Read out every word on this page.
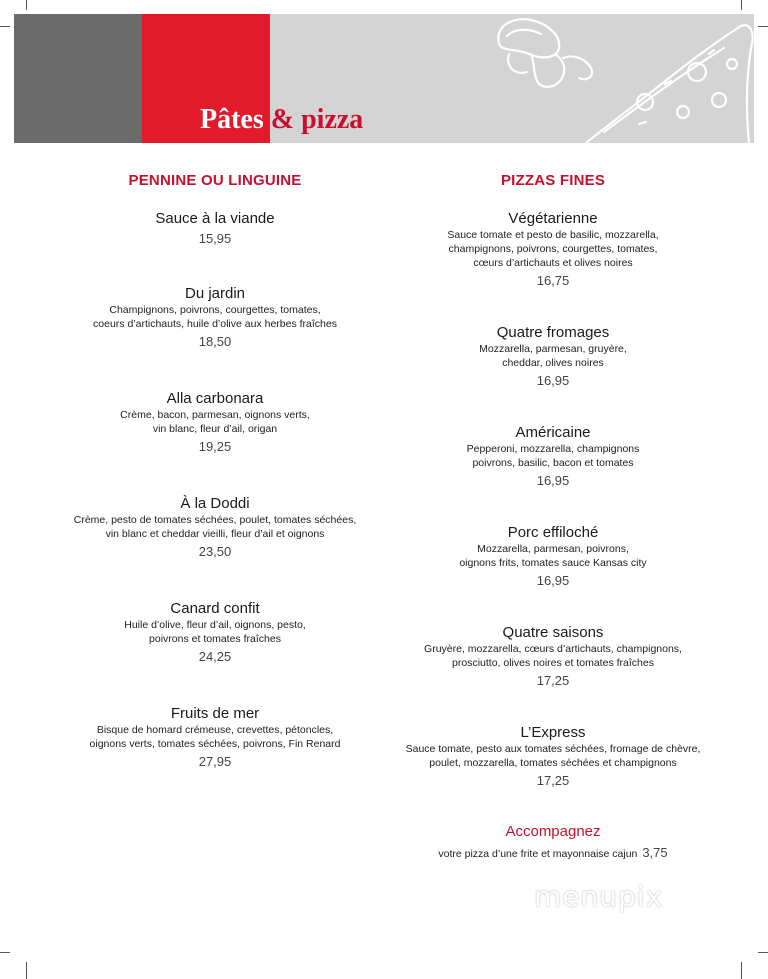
Pâtes & pizza
PENNINE OU LINGUINE
Sauce à la viande
15,95
Du jardin
Champignons, poivrons, courgettes, tomates,
coeurs d’artichauts, huile d’olive aux herbes fraîches
18,50
Alla carbonara
Crème, bacon, parmesan, oignons verts,
vin blanc, fleur d’ail, origan
19,25
À la Doddi
Crème, pesto de tomates séchées, poulet, tomates séchées,
vin blanc et cheddar vieilli, fleur d’ail et oignons
23,50
Canard confit
Huile d’olive, fleur d’ail, oignons, pesto,
poivrons et tomates fraîches
24,25
Fruits de mer
Bisque de homard crémeuse, crevettes, pétoncles,
oignons verts, tomates séchées, poivrons, Fin Renard
27,95
PIZZAS FINES
Végétarienne
Sauce tomate et pesto de basilic, mozzarella,
champignons, poivrons, courgettes, tomates,
cœurs d’artichauts et olives noires
16,75
Quatre fromages
Mozzarella, parmesan, gruyère,
cheddar, olives noires
16,95
Américaine
Pepperoni, mozzarella, champignons
poivrons, basilic, bacon et tomates
16,95
Porc effiloché
Mozzarella, parmesan, poivrons,
oignons frits, tomates sauce Kansas city
16,95
Quatre saisons
Gruyère, mozzarella, cœurs d’artichauts, champignons,
prosciutto, olives noires et tomates fraîches
17,25
L’Express
Sauce tomate, pesto aux tomates séchées, fromage de chèvre,
poulet, mozzarella, tomates séchées et champignons
17,25
Accompagnez
votre pizza d’une frite et mayonnaise cajun 3,75
menupix
